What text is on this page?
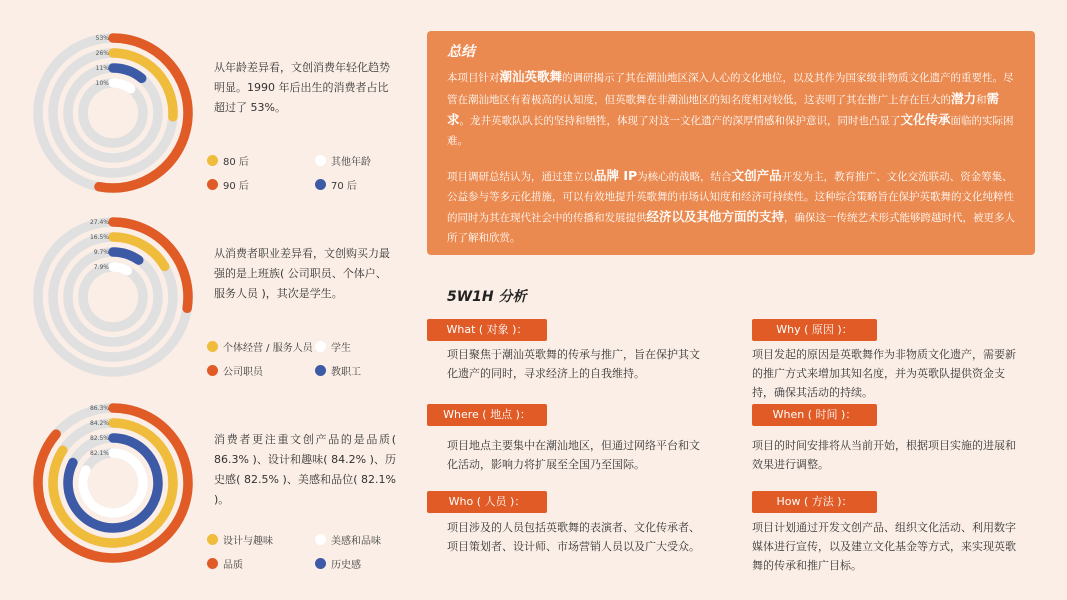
53%
26%
11%
10%
27.4%
16.5%
9.7%
7.9%
86.3%
84.2%
82.5%
82.1%
从年龄差异看，文创消费年轻化趋势明显。1990 年后出生的消费者占比超过了 53%。
从消费者职业差异看，文创购买力最强的是上班族( 公司职员、个体户、服务人员 )，其次是学生。
消费者更注重文创产品的是品质( 86.3% )、设计和趣味( 84.2% )、历史感( 82.5% )、美感和品位( 82.1% )。
80 后	其他年龄
90 后	70 后
个体经营 / 服务人员 学生
公司职员	教职工
设计与趣味	美感和品味
品质	历史感
总结

本项目针对潮汕英歌舞的调研揭示了其在潮汕地区深入人心的文化地位，以及其作为国家级非物质文化遗产的重要性。尽管在潮汕地区有着极高的认知度，但英歌舞在非潮汕地区的知名度相对较低，这表明了其在推广上存在巨大的潜力和需求。龙井英歌队队长的坚持和牺牲，体现了对这一文化遗产的深厚情感和保护意识，同时也凸显了文化传承面临的实际困难。

项目调研总结认为，通过建立以品牌 IP为核心的战略，结合文创产品开发为主，教育推广、文化交流联动、资金筹集、公益参与等多元化措施，可以有效地提升英歌舞的市场认知度和经济可持续性。这种综合策略旨在保护英歌舞的文化纯粹性的同时为其在现代社会中的传播和发展提供经济以及其他方面的支持，确保这一传统艺术形式能够跨越时代，被更多人所了解和欣赏。

5W1H 分析
What ( 对象 )：
项目聚焦于潮汕英歌舞的传承与推广，旨在保护其文化遗产的同时，寻求经济上的自我维持。
Why ( 原因 )：
项目发起的原因是英歌舞作为非物质文化遗产，需要新的推广方式来增加其知名度，并为英歌队提供资金支持，确保其活动的持续。
Where ( 地点 )：
项目地点主要集中在潮汕地区，但通过网络平台和文化活动，影响力将扩展至全国乃至国际。
When ( 时间 )：
项目的时间安排将从当前开始，根据项目实施的进展和效果进行调整。
Who ( 人员 )：
项目涉及的人员包括英歌舞的表演者、文化传承者、项目策划者、设计师、市场营销人员以及广大受众。
How ( 方法 )：
项目计划通过开发文创产品、组织文化活动、利用数字媒体进行宣传，以及建立文化基金等方式，来实现英歌舞的传承和推广目标。
